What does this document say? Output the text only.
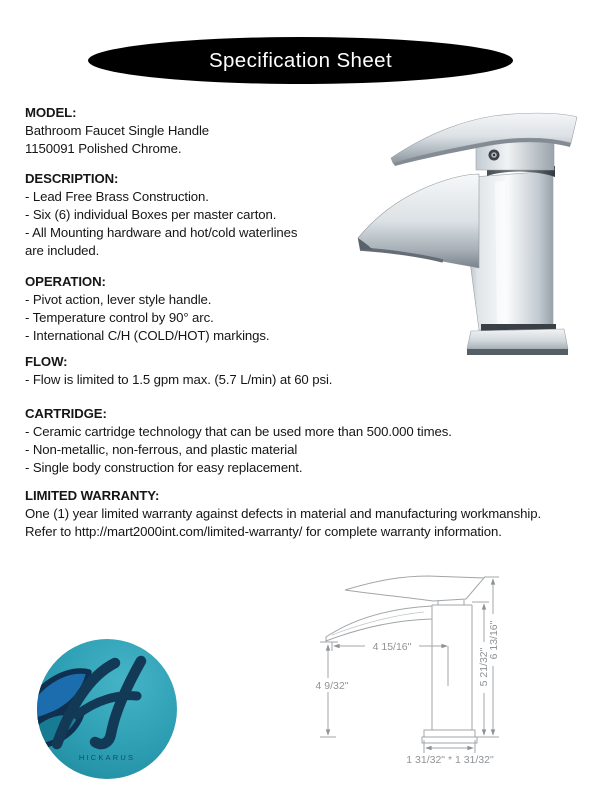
Specification Sheet
MODEL:
Bathroom Faucet Single Handle
1150091 Polished Chrome.
DESCRIPTION:
- Lead Free Brass Construction.
- Six (6) individual Boxes per master carton.
- All Mounting hardware and hot/cold waterlines
are included.
OPERATION:
- Pivot action, lever style handle.
- Temperature control by 90° arc.
- International C/H (COLD/HOT) markings.
FLOW:
- Flow is limited to 1.5 gpm max. (5.7 L/min) at 60 psi.
CARTRIDGE:
- Ceramic cartridge technology that can be used more than 500.000 times.
- Non-metallic, non-ferrous, and plastic material
- Single body construction for easy replacement.
LIMITED WARRANTY:
One (1) year limited warranty against defects in material and manufacturing workmanship.
Refer to http://mart2000int.com/limited-warranty/ for complete warranty information.
HICKARUS
4 9/32"
4 15/16"
5 21/32"
6 13/16"
1 31/32" * 1 31/32"
